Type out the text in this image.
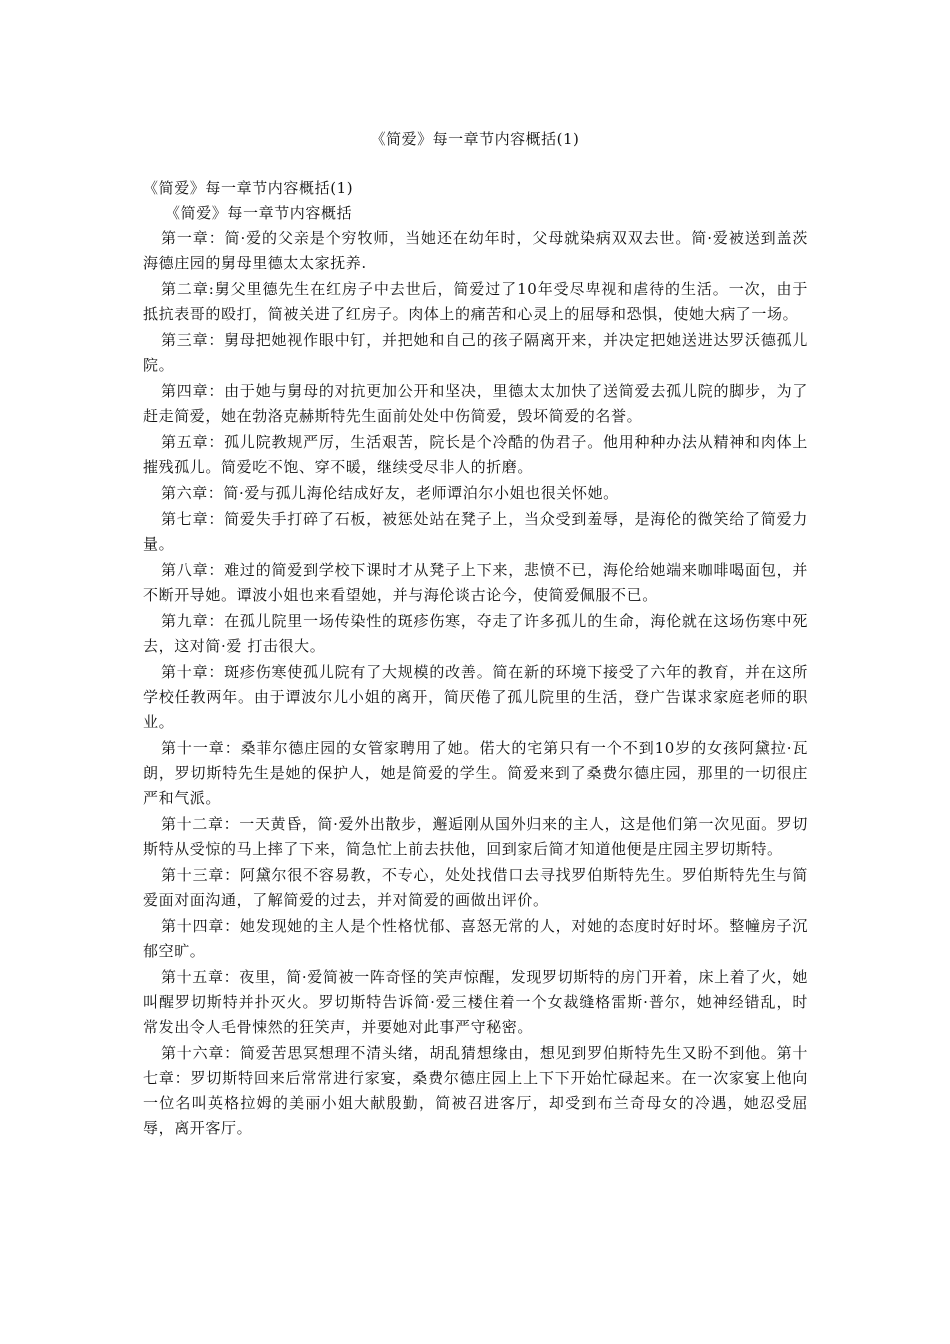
《简爱》每一章节内容概括(1)

《简爱》每一章节内容概括(1)

《简爱》每一章节内容概括

第一章：简·爱的父亲是个穷牧师，当她还在幼年时，父母就染病双双去世。简·爱被送到盖茨海德庄园的舅母里德太太家抚养.

第二章:舅父里德先生在红房子中去世后，简爱过了10年受尽卑视和虐待的生活。一次，由于抵抗表哥的殴打，简被关进了红房子。肉体上的痛苦和心灵上的屈辱和恐惧，使她大病了一场。

第三章：舅母把她视作眼中钉，并把她和自己的孩子隔离开来，并决定把她送进达罗沃德孤儿院。

第四章：由于她与舅母的对抗更加公开和坚决，里德太太加快了送简爱去孤儿院的脚步，为了赶走简爱，她在勃洛克赫斯特先生面前处处中伤简爱，毁坏简爱的名誉。

第五章：孤儿院教规严厉，生活艰苦，院长是个冷酷的伪君子。他用种种办法从精神和肉体上摧残孤儿。简爱吃不饱、穿不暖，继续受尽非人的折磨。

第六章：简·爱与孤儿海伦结成好友，老师谭泊尔小姐也很关怀她。

第七章：简爱失手打碎了石板，被惩处站在凳子上，当众受到羞辱，是海伦的微笑给了简爱力量。

第八章：难过的简爱到学校下课时才从凳子上下来，悲愤不已，海伦给她端来咖啡喝面包，并不断开导她。谭波小姐也来看望她，并与海伦谈古论今，使简爱佩服不已。

第九章：在孤儿院里一场传染性的斑疹伤寒，夺走了许多孤儿的生命，海伦就在这场伤寒中死去，这对简·爱 打击很大。

第十章：斑疹伤寒使孤儿院有了大规模的改善。简在新的环境下接受了六年的教育，并在这所学校任教两年。由于谭波尔儿小姐的离开，简厌倦了孤儿院里的生活，登广告谋求家庭老师的职业。

第十一章：桑菲尔德庄园的女管家聘用了她。偌大的宅第只有一个不到10岁的女孩阿黛拉·瓦朗，罗切斯特先生是她的保护人，她是简爱的学生。简爱来到了桑费尔德庄园，那里的一切很庄严和气派。

第十二章：一天黄昏，简·爱外出散步，邂逅刚从国外归来的主人，这是他们第一次见面。罗切斯特从受惊的马上摔了下来，简急忙上前去扶他，回到家后简才知道他便是庄园主罗切斯特。

第十三章：阿黛尔很不容易教，不专心，处处找借口去寻找罗伯斯特先生。罗伯斯特先生与简爱面对面沟通，了解简爱的过去，并对简爱的画做出评价。

第十四章：她发现她的主人是个性格忧郁、喜怒无常的人，对她的态度时好时坏。整幢房子沉郁空旷。

第十五章：夜里，简·爱简被一阵奇怪的笑声惊醒，发现罗切斯特的房门开着，床上着了火，她叫醒罗切斯特并扑灭火。罗切斯特告诉简·爱三楼住着一个女裁缝格雷斯·普尔，她神经错乱，时常发出令人毛骨悚然的狂笑声，并要她对此事严守秘密。

第十六章：简爱苦思冥想理不清头绪，胡乱猜想缘由，想见到罗伯斯特先生又盼不到他。第十七章：罗切斯特回来后常常进行家宴，桑费尔德庄园上上下下开始忙碌起来。在一次家宴上他向一位名叫英格拉姆的美丽小姐大献殷勤，简被召进客厅，却受到布兰奇母女的冷遇，她忍受屈辱，离开客厅。
